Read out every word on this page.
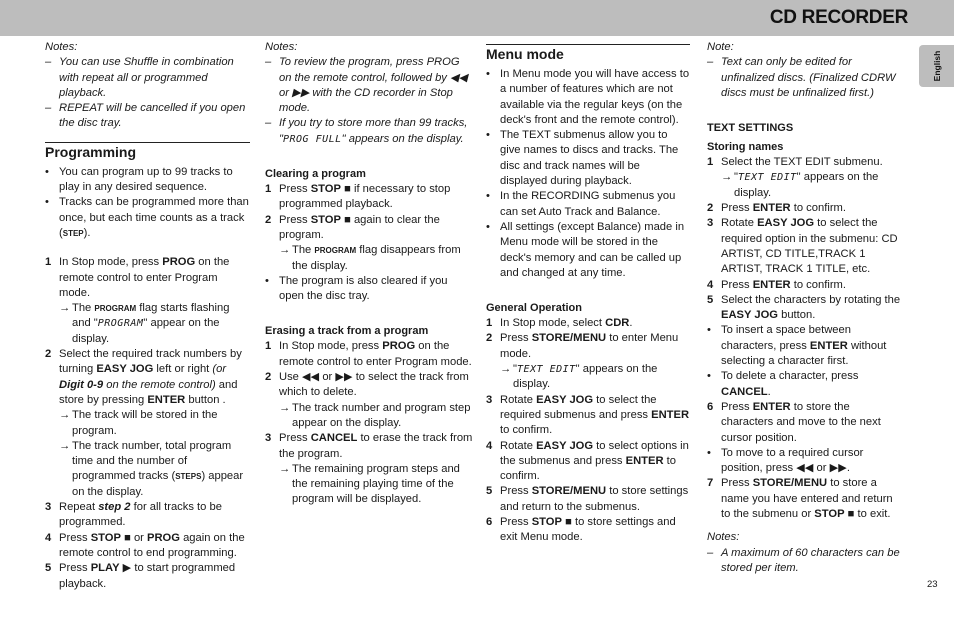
CD RECORDER
English

Notes:

– You can use Shuffle in combination with repeat all or programmed playback.
– REPEAT will be cancelled if you open the disc tray.
Programming
• You can program up to 99 tracks to play in any desired sequence.
• Tracks can be programmed more than once, but each time counts as a track (STEP).
1 In Stop mode, press PROG on the remote control to enter Program mode.
→ The PROGRAM flag starts flashing and "PROGRAM" appear on the display.
2 Select the required track numbers by turning EASY JOG left or right (or Digit 0-9 on the remote control) and store by pressing ENTER button .
→ The track will be stored in the program.
→ The track number, total program time and the number of programmed tracks (STEPS) appear on the display.
3 Repeat step 2 for all tracks to be programmed.
4 Press STOP ■ or PROG again on the remote control to end programming.
5 Press PLAY ▶ to start programmed playback.

Notes:

– To review the program, press PROG on the remote control, followed by ◀◀ or ▶▶ with the CD recorder in Stop mode.
– If you try to store more than 99 tracks, "PROG FULL" appears on the display.
Clearing a program
1 Press STOP ■ if necessary to stop programmed playback.
2 Press STOP ■ again to clear the program.
→ The PROGRAM flag disappears from the display.
• The program is also cleared if you open the disc tray.
Erasing a track from a program
1 In Stop mode, press PROG on the remote control to enter Program mode.
2 Use ◀◀ or ▶▶ to select the track from which to delete.
→ The track number and program step appear on the display.
3 Press CANCEL to erase the track from the program.
→ The remaining program steps and the remaining playing time of the program will be displayed.
Menu mode
• In Menu mode you will have access to a number of features which are not available via the regular keys (on the deck's front and the remote control).
• The TEXT submenus allow you to give names to discs and tracks. The disc and track names will be displayed during playback.
• In the RECORDING submenus you can set Auto Track and Balance.
• All settings (except Balance) made in Menu mode will be stored in the deck's memory and can be called up and changed at any time.
General Operation
1 In Stop mode, select CDR.
2 Press STORE/MENU to enter Menu mode.
→ "TEXT EDIT" appears on the display.
3 Rotate EASY JOG to select the required submenus and press ENTER to confirm.
4 Rotate EASY JOG to select options in the submenus and press ENTER to confirm.
5 Press STORE/MENU to store settings and return to the submenus.
6 Press STOP ■ to store settings and exit Menu mode.

Note:

– Text can only be edited for unfinalized discs. (Finalized CDRW discs must be unfinalized first.)
TEXT SETTINGS
Storing names
1 Select the TEXT EDIT submenu.
→ "TEXT EDIT" appears on the display.
2 Press ENTER to confirm.
3 Rotate EASY JOG to select the required option in the submenu: CD ARTIST, CD TITLE,TRACK 1 ARTIST, TRACK 1 TITLE, etc.
4 Press ENTER to confirm.
5 Select the characters by rotating the EASY JOG button.
• To insert a space between characters, press ENTER without selecting a character first.
• To delete a character, press CANCEL.
6 Press ENTER to store the characters and move to the next cursor position.
• To move to a required cursor position, press ◀◀ or ▶▶.
7 Press STORE/MENU to store a name you have entered and return to the submenu or STOP ■ to exit.

Notes:

– A maximum of 60 characters can be stored per item.
23
